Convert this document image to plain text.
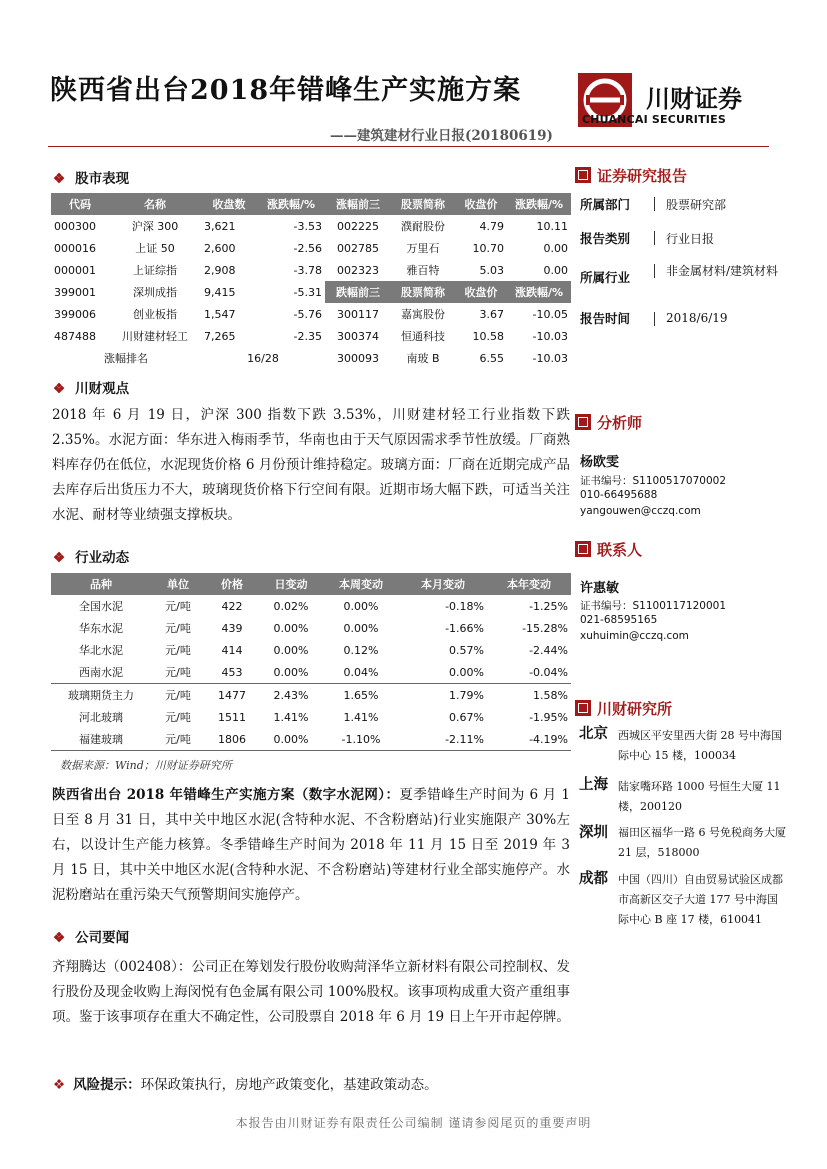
陕西省出台2018年错峰生产实施方案	川财证券
CHUANCAI SECURITIES
——建筑建材行业日报(20180619)
❖ 股市表现
代码	名称	收盘数	涨跌幅/%	涨幅前三	股票简称	收盘价	涨跌幅/%
000300	沪深 300	3,621	-3.53	002225	濮耐股份	4.79	10.11
000016	上证 50	2,600	-2.56	002785	万里石	10.70	0.00
000001	上证综指	2,908	-3.78	002323	雅百特	5.03	0.00
399001	深圳成指	9,415	-5.31	跌幅前三	股票简称	收盘价	涨跌幅/%
399006	创业板指	1,547	-5.76	300117	嘉寓股份	3.67	-10.05
487488	川财建材轻工	7,265	-2.35	300374	恒通科技	10.58	-10.03
涨幅排名		16/28		300093	南玻 B	6.55	-10.03
❖ 川财观点
2018 年 6 月 19 日，沪深 300 指数下跌 3.53%，川财建材轻工行业指数下跌 2.35%。水泥方面：华东进入梅雨季节，华南也由于天气原因需求季节性放缓。厂商熟料库存仍在低位，水泥现货价格 6 月份预计维持稳定。玻璃方面：厂商在近期完成产品去库存后出货压力不大，玻璃现货价格下行空间有限。近期市场大幅下跌，可适当关注水泥、耐材等业绩强支撑板块。
❖ 行业动态
品种	单位	价格	日变动	本周变动	本月变动	本年变动
全国水泥	元/吨	422	0.02%	0.00%	-0.18%	-1.25%
华东水泥	元/吨	439	0.00%	0.00%	-1.66%	-15.28%
华北水泥	元/吨	414	0.00%	0.12%	0.57%	-2.44%
西南水泥	元/吨	453	0.00%	0.04%	0.00%	-0.04%
玻璃期货主力	元/吨	1477	2.43%	1.65%	1.79%	1.58%
河北玻璃	元/吨	1511	1.41%	1.41%	0.67%	-1.95%
福建玻璃	元/吨	1806	0.00%	-1.10%	-2.11%	-4.19%
数据来源：Wind；川财证券研究所
陕西省出台 2018 年错峰生产实施方案（数字水泥网）：夏季错峰生产时间为 6 月 1 日至 8 月 31 日，其中关中地区水泥(含特种水泥、不含粉磨站)行业实施限产 30%左右，以设计生产能力核算。冬季错峰生产时间为 2018 年 11 月 15 日至 2019 年 3 月 15 日，其中关中地区水泥(含特种水泥、不含粉磨站)等建材行业全部实施停产。水泥粉磨站在重污染天气预警期间实施停产。
❖ 公司要闻
齐翔腾达（002408）：公司正在筹划发行股份收购菏泽华立新材料有限公司控制权、发行股份及现金收购上海闵悦有色金属有限公司 100%股权。该事项构成重大资产重组事项。鉴于该事项存在重大不确定性，公司股票自 2018 年 6 月 19 日上午开市起停牌。
❖ 风险提示：环保政策执行，房地产政策变化，基建政策动态。
证券研究报告
所属部门	股票研究部
报告类别	行业日报
所属行业	非金属材料/建筑材料
报告时间	2018/6/19
分析师
杨欧雯
证书编号：S1100517070002
010-66495688
yangouwen@cczq.com
联系人
许惠敏
证书编号：S1100117120001
021-68595165
xuhuimin@cczq.com
川财研究所
北京 西城区平安里西大街 28 号中海国际中心 15 楼，100034
上海 陆家嘴环路 1000 号恒生大厦 11 楼，200120
深圳 福田区福华一路 6 号免税商务大厦 21 层，518000
成都 中国（四川）自由贸易试验区成都市高新区交子大道 177 号中海国际中心 B 座 17 楼，610041
本报告由川财证券有限责任公司编制 谨请参阅尾页的重要声明
